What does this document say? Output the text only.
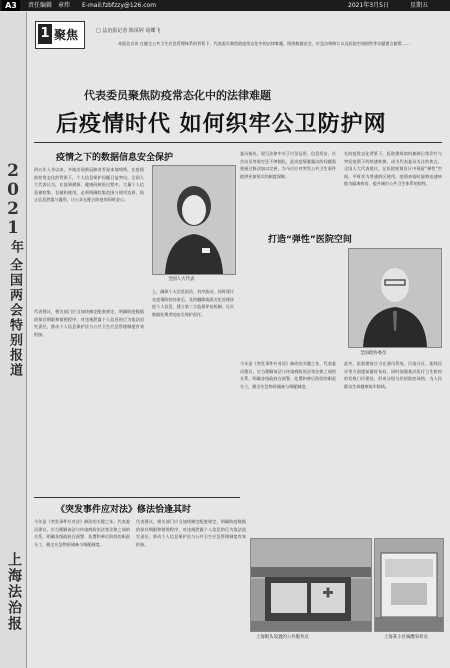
A3	责任编辑 章炜 E-mail:fzbfzzy@126.com	2021年3月5日	星期五
2
0
2
1
年
全国两会特别报道
上海法治报
1 聚焦	□ 法治报记者 陈凤婷 胡蝶飞
本报北京讯 在健全公共卫生应急管理体系的背景下，代表委员聚焦防疫常态化中的法律难题，围绕数据安全、应急法律修订以及医院空间韧性等议题建言献策……
代表委员聚焦防疫常态化中的法律难题
后疫情时代 如何织牢公卫防护网
疫情之下的数据信息安全保护
四五年入冬以来，多地出现新冠肺炎零星本地病例，在疫情防控常态化的背景下，个人信息保护问题日益突出。全国人大代表认为，在流调溯源、健康码核验过程中，大量个人信息被收集、存储和使用，必须明确收集范围与使用边界，防止信息泄露与滥用，让公众在配合防疫的同时安心。
代表建议，相关部门应当加快制定配套规定，明确防疫数据的保存期限和销毁程序，对违规泄露个人信息的行为依法追究责任，推动个人信息保护法与公共卫生应急管理制度有效衔接。
全国人大代表
上，确保个人信息依法、有序流动。同时建议在疫情防控结束后，及时删除或匿名化处理涉疫个人信息，建立第三方监督评估机制，压实数据处理者的安全保护责任。
委员指出，现行法律中关于应急征用、信息发布、社会动员等规定还不够细化，此次疫情暴露出的问题需要通过修法加以完善，为今后应对突发公共卫生事件提供更加坚实的制度保障。
打造“弹性”医院空间
在防疫常态化背景下，医院建筑如何兼顾日常诊疗与突发疫情下的快速转换，成为代表委员关注的焦点。全国人大代表建议，在医院规划设计中预留“弹性”空间，平时作为普通病区使用，疫情来临时能够迅速转换为隔离病房，提升城市公共卫生体系的韧性。
全国政协委员
此外，医院建筑应当在通风系统、污染分区、流线设计等方面提前做好布局，同时加强基层医疗卫生机构的发热门诊建设，形成分级分层的防控网络，为人民群众生命健康筑牢防线。
今年是《突发事件应对法》修改的关键之年。代表委员建议，应当理顺该法与传染病防治法等法律之间的关系，明确各级政府在预警、处置和善后阶段的职责分工，健全应急物资储备与调配制度。
《突发事件应对法》修法恰逢其时
今年是《突发事件应对法》修改的关键之年。代表委员建议，应当理顺该法与传染病防治法等法律之间的关系，明确各级政府在预警、处置和善后阶段的职责分工，健全应急物资储备与调配制度。
代表建议，相关部门应当加快制定配套规定，明确防疫数据的保存期限和销毁程序，对违规泄露个人信息的行为依法追究责任，推动个人信息保护法与公共卫生应急管理制度有效衔接。
上海街头设置的公共服务点	上海某小区核酸采样点
